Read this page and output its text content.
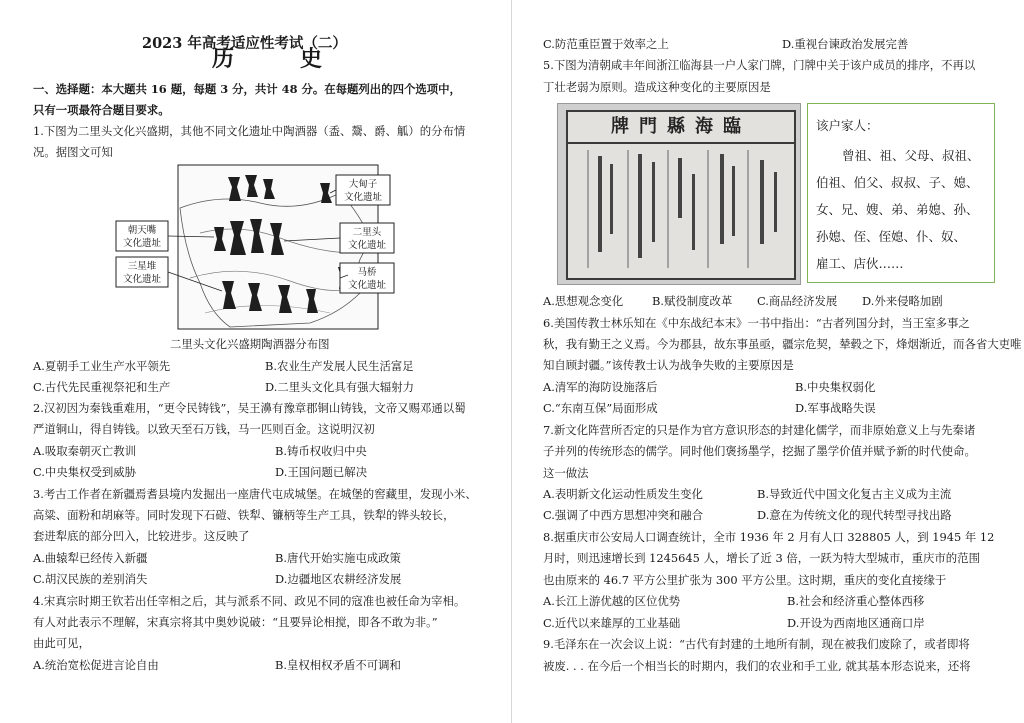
2023 年高考适应性考试（二）
历　史
一、选择题：本大题共 16 题，每题 3 分，共计 48 分。在每题列出的四个选项中，
只有一项最符合题目要求。
1.下图为二里头文化兴盛期，其他不同文化遗址中陶酒器（盉、鬶、爵、觚）的分布情
况。据图文可知
朝天嘴
文化遗址
三星堆
文化遗址
大甸子
文化遗址
二里头
文化遗址
马桥
文化遗址
二里头文化兴盛期陶酒器分布图
A.夏朝手工业生产水平领先	B.农业生产发展人民生活富足
C.古代先民重视祭祀和生产	D.二里头文化具有强大辐射力
2.汉初因为秦钱重难用，“更令民铸钱”，吴王濞有豫章郡铜山铸钱，文帝又赐邓通以蜀
严道铜山，得自铸钱。以致天至石万钱，马一匹则百金。这说明汉初
A.吸取秦朝灭亡教训	B.铸币权收归中央
C.中央集权受到威胁	D.王国问题已解决
3.考古工作者在新疆焉耆县境内发掘出一座唐代屯成城堡。在城堡的窖藏里，发现小米、
高粱、面粉和胡麻等。同时发现下石磑、铁犁、镰柄等生产工具，铁犁的铧头较长，
套进犁底的部分凹入，比较进步。这反映了
A.曲辕犁已经传入新疆	B.唐代开始实施屯成政策
C.胡汉民族的差别消失	D.边疆地区农耕经济发展
4.宋真宗时期王钦若出任宰相之后，其与派系不同、政见不同的寇准也被任命为宰相。
有人对此表示不理解，宋真宗将其中奥妙说破：“且要异论相搅，即各不敢为非。”
由此可见，
A.统治宽松促进言论自由	B.皇权相权矛盾不可调和
C.防范重臣置于效率之上	D.重视台谏政治发展完善
5.下图为清朝咸丰年间浙江临海县一户人家门牌，门牌中关于该户成员的排序，不再以
丁壮老弱为原则。造成这种变化的主要原因是
牌門縣海臨	该户家人：
曾祖、祖、父母、叔祖、
伯祖、伯父、叔叔、子、媳、
女、兄、嫂、弟、弟媳、孙、
孙媳、侄、侄媳、仆、奴、
雇工、店伙……
A.思想观念变化	B.赋役制度改革 C.商品经济发展 D.外来侵略加剧
6.美国传教士林乐知在《中东战纪本末》一书中指出：“古者列国分封，当王室多事之
秋，我有勤王之义焉。今为郡县，故东事虽亟，疆宗危契，辇毂之下，烽烟渐近，而各省大吏唯
知自顾封疆。”该传教士认为战争失败的主要原因是
A.清军的海防设施落后	B.中央集权弱化
C.“东南互保”局面形成	D.军事战略失误
7.新文化阵营所否定的只是作为官方意识形态的封建化儒学，而非原始意义上与先秦诸
子并列的传统形态的儒学。同时他们褒扬墨学，挖掘了墨学价值并赋予新的时代使命。
这一做法
A.表明新文化运动性质发生变化	B.导致近代中国文化复古主义成为主流
C.强调了中西方思想冲突和融合	D.意在为传统文化的现代转型寻找出路
8.据重庆市公安局人口调查统计，全市 1936 年 2 月有人口 328805 人，到 1945 年 12
月时，则迅速增长到 1245645 人，增长了近 3 倍，一跃为特大型城市，重庆市的范围
也由原来的 46.7 平方公里扩张为 300 平方公里。这时期，重庆的变化直接缘于
A.长江上游优越的区位优势	B.社会和经济重心整体西移
C.近代以来雄厚的工业基础	D.开设为西南地区通商口岸
9.毛泽东在一次会议上说：“古代有封建的土地所有制，现在被我们废除了，或者即将
被废. . . 在今后一个相当长的时期内，我们的农业和手工业, 就其基本形态说来，还将
